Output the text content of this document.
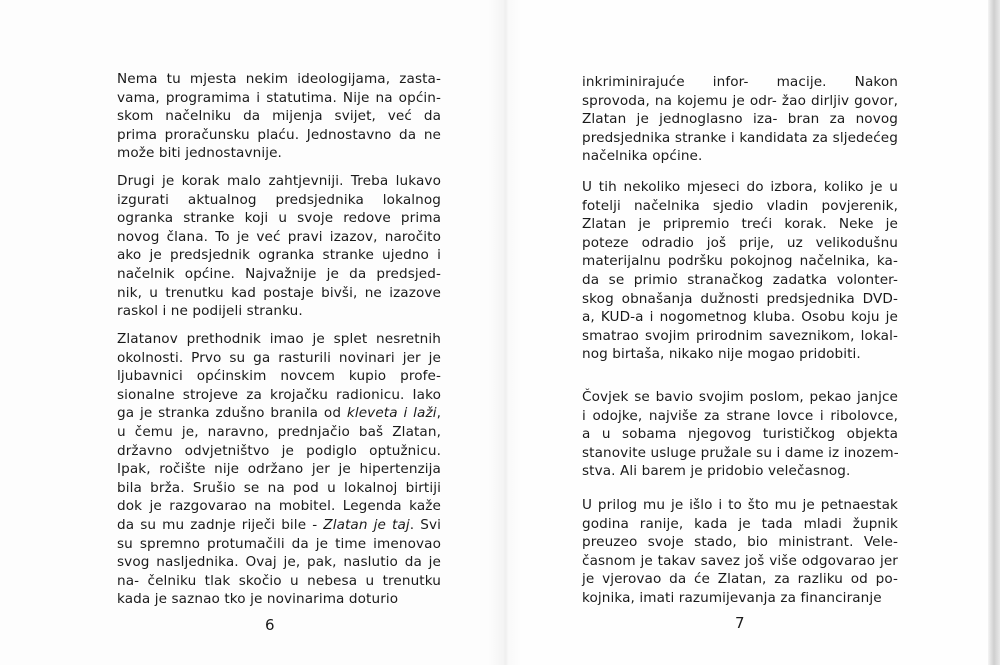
Nema tu mjesta nekim ideologijama, zasta-
vama, programima i statutima. Nije na općin-
skom načelniku da mijenja svijet, već da
prima proračunsku plaću. Jednostavno da ne
može biti jednostavnije.
Drugi je korak malo zahtjevniji. Treba lukavo
izgurati aktualnog predsjednika lokalnog
ogranka stranke koji u svoje redove prima
novog člana. To je već pravi izazov, naročito
ako je predsjednik ogranka stranke ujedno i
načelnik općine. Najvažnije je da predsjed-
nik, u trenutku kad postaje bivši, ne izazove
raskol i ne podijeli stranku.
Zlatanov prethodnik imao je splet nesretnih
okolnosti. Prvo su ga rasturili novinari jer je
ljubavnici općinskim novcem kupio profe-
sionalne strojeve za krojačku radionicu. Iako
ga je stranka zdušno branila od kleveta i laži,
u čemu je, naravno, prednjačio baš Zlatan,
državno odvjetništvo je podiglo optužnicu.
Ipak, ročište nije održano jer je hipertenzija
bila brža. Srušio se na pod u lokalnoj birtiji
dok je razgovarao na mobitel. Legenda kaže
da su mu zadnje riječi bile - Zlatan je taj. Svi
su spremno protumačili da je time imenovao
svog nasljednika. Ovaj je, pak, naslutio da je
na- čelniku tlak skočio u nebesa u trenutku
kada je saznao tko je novinarima doturio
6
inkriminirajuće infor- macije. Nakon
sprovoda, na kojemu je odr- žao dirljiv govor,
Zlatan je jednoglasno iza- bran za novog
predsjednika stranke i kandidata za sljedećeg
načelnika općine.
U tih nekoliko mjeseci do izbora, koliko je u
fotelji načelnika sjedio vladin povjerenik,
Zlatan je pripremio treći korak. Neke je
poteze odradio još prije, uz velikodušnu
materijalnu podršku pokojnog načelnika, ka-
da se primio stranačkog zadatka volonter-
skog obnašanja dužnosti predsjednika DVD-
a, KUD-a i nogometnog kluba. Osobu koju je
smatrao svojim prirodnim saveznikom, lokal-
nog birtaša, nikako nije mogao pridobiti.
Čovjek se bavio svojim poslom, pekao janjce
i odojke, najviše za strane lovce i ribolovce,
a u sobama njegovog turističkog objekta
stanovite usluge pružale su i dame iz inozem-
stva. Ali barem je pridobio velečasnog.
U prilog mu je išlo i to što mu je petnaestak
godina ranije, kada je tada mladi župnik
preuzeo svoje stado, bio ministrant. Vele-
časnom je takav savez još više odgovarao jer
je vjerovao da će Zlatan, za razliku od po-
kojnika, imati razumijevanja za financiranje
7
